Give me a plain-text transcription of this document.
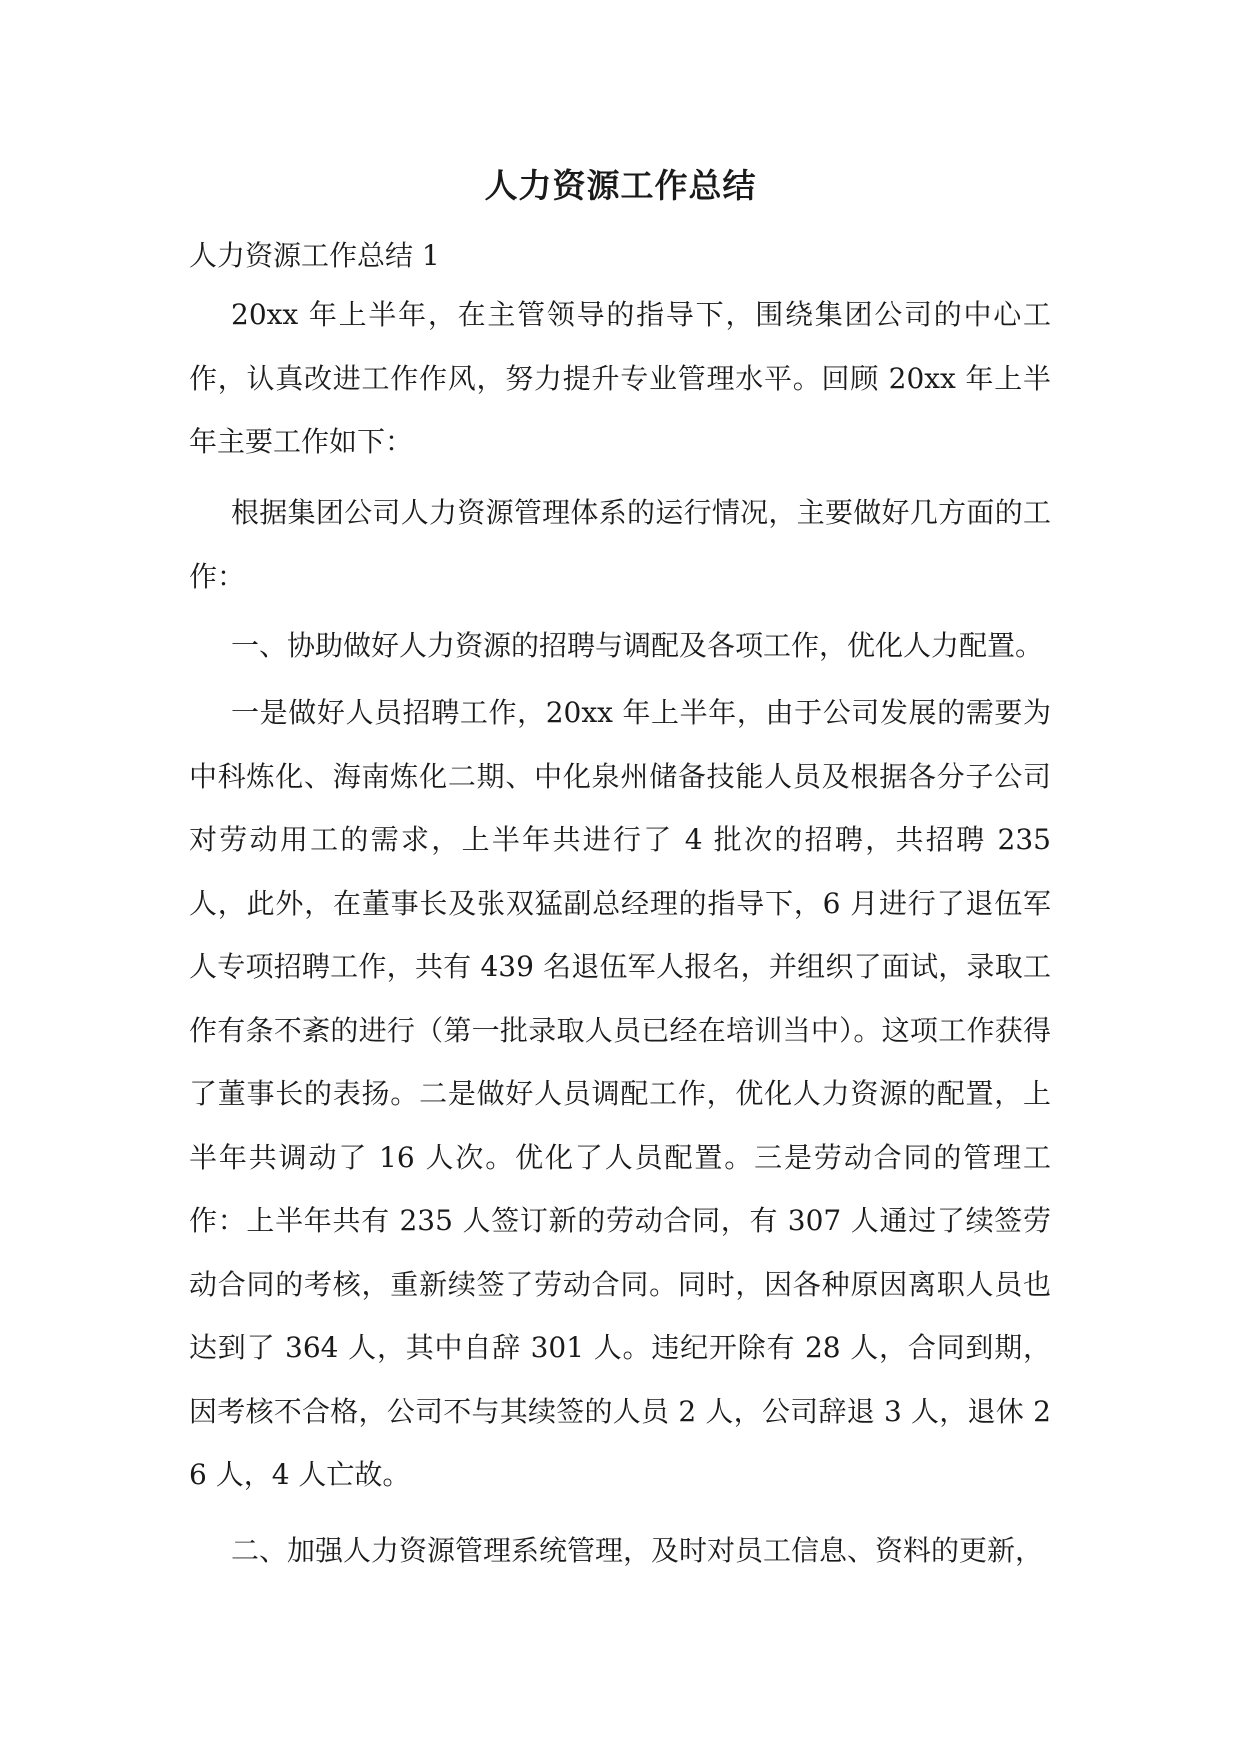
人力资源工作总结

人力资源工作总结 1

20xx 年上半年，在主管领导的指导下，围绕集团公司的中心工作，认真改进工作作风，努力提升专业管理水平。回顾 20xx 年上半年主要工作如下：

根据集团公司人力资源管理体系的运行情况，主要做好几方面的工作：

一、协助做好人力资源的招聘与调配及各项工作，优化人力配置。

一是做好人员招聘工作，20xx 年上半年，由于公司发展的需要为中科炼化、海南炼化二期、中化泉州储备技能人员及根据各分子公司对劳动用工的需求，上半年共进行了 4 批次的招聘，共招聘 235 人，此外，在董事长及张双猛副总经理的指导下，6 月进行了退伍军人专项招聘工作，共有 439 名退伍军人报名，并组织了面试，录取工作有条不紊的进行（第一批录取人员已经在培训当中）。这项工作获得了董事长的表扬。二是做好人员调配工作，优化人力资源的配置，上半年共调动了 16 人次。优化了人员配置。三是劳动合同的管理工作：上半年共有 235 人签订新的劳动合同，有 307 人通过了续签劳动合同的考核，重新续签了劳动合同。同时，因各种原因离职人员也达到了 364 人，其中自辞 301 人。违纪开除有 28 人，合同到期，因考核不合格，公司不与其续签的人员 2 人，公司辞退 3 人，退休 26 人，4 人亡故。

二、加强人力资源管理系统管理，及时对员工信息、资料的更新，
